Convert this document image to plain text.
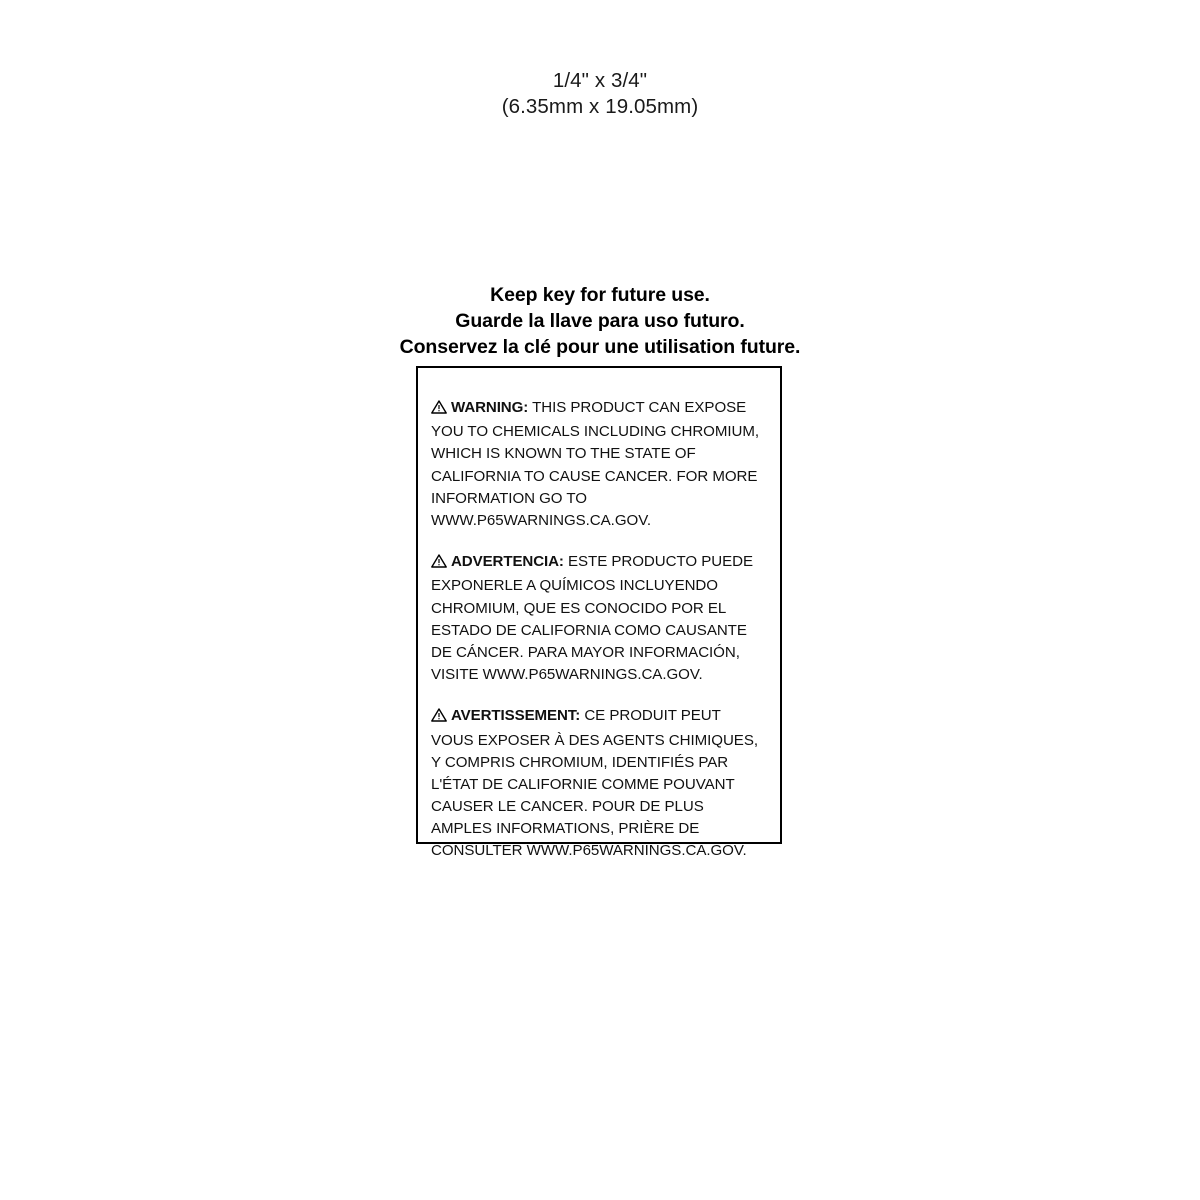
1/4" x 3/4"
(6.35mm x 19.05mm)
Keep key for future use.
Guarde la llave para uso futuro.
Conservez la clé pour une utilisation future.

WARNING: THIS PRODUCT CAN EXPOSE YOU TO CHEMICALS INCLUDING CHROMIUM, WHICH IS KNOWN TO THE STATE OF CALIFORNIA TO CAUSE CANCER. FOR MORE INFORMATION GO TO WWW.P65WARNINGS.CA.GOV.

ADVERTENCIA: ESTE PRODUCTO PUEDE EXPONERLE A QUÍMICOS INCLUYENDO CHROMIUM, QUE ES CONOCIDO POR EL ESTADO DE CALIFORNIA COMO CAUSANTE DE CÁNCER. PARA MAYOR INFORMACIÓN, VISITE WWW.P65WARNINGS.CA.GOV.

AVERTISSEMENT: CE PRODUIT PEUT VOUS EXPOSER À DES AGENTS CHIMIQUES, Y COMPRIS CHROMIUM, IDENTIFIÉS PAR L'ÉTAT DE CALIFORNIE COMME POUVANT CAUSER LE CANCER. POUR DE PLUS AMPLES INFORMATIONS, PRIÈRE DE CONSULTER WWW.P65WARNINGS.CA.GOV.
